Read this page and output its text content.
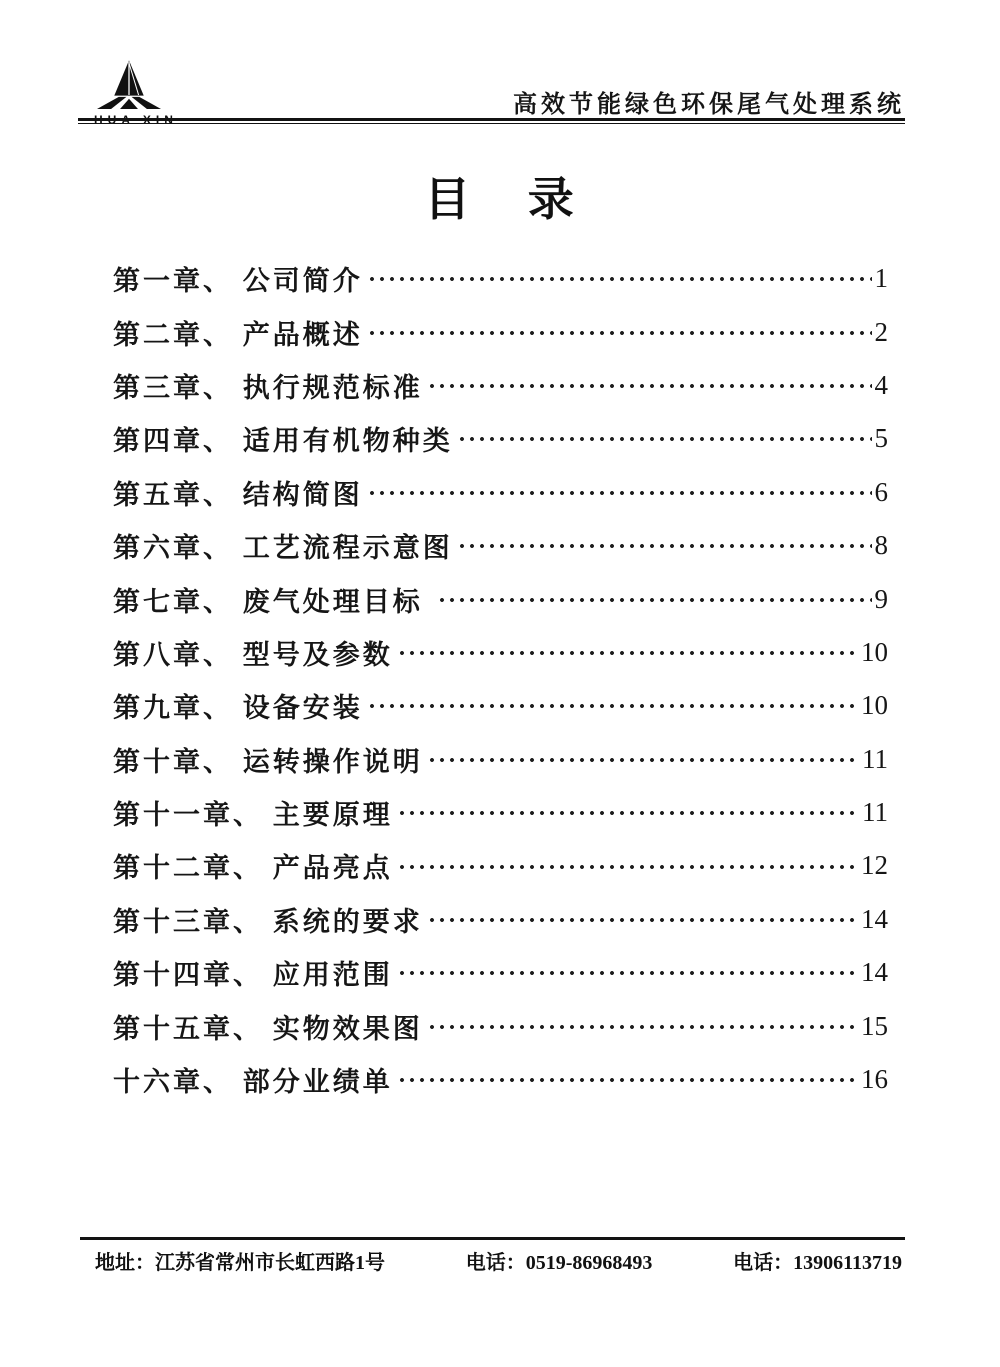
高效节能绿色环保尾气处理系统
目 录
第一章、 公司简介	1
第二章、 产品概述	2
第三章、 执行规范标准	4
第四章、 适用有机物种类	5
第五章、 结构简图	6
第六章、 工艺流程示意图	8
第七章、 废气处理目标	9
第八章、 型号及参数	10
第九章、 设备安装	10
第十章、 运转操作说明	11
第十一章、 主要原理	11
第十二章、 产品亮点	12
第十三章、 系统的要求	14
第十四章、 应用范围	14
第十五章、 实物效果图	15
十六章、 部分业绩单	16
地址：江苏省常州市长虹西路1号	电话：0519-86968493	电话：13906113719
